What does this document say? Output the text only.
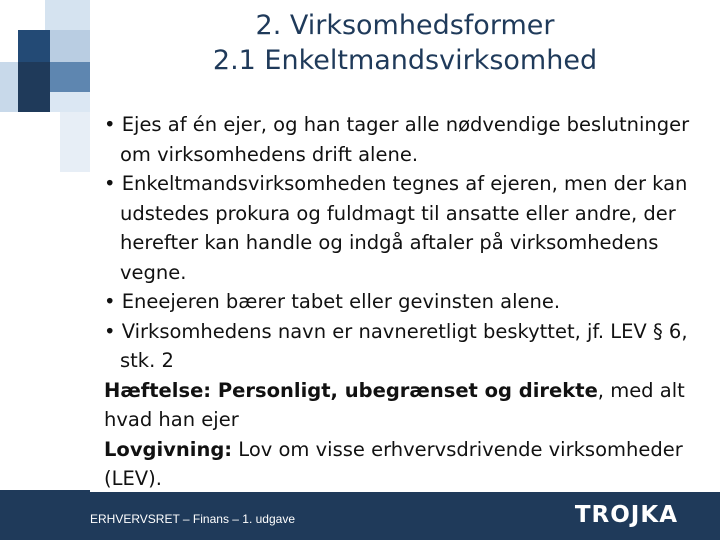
2. Virksomhedsformer
2.1 Enkeltmandsvirksomhed
• Ejes af én ejer, og han tager alle nødvendige beslutninger om virksomhedens drift alene.
• Enkeltmandsvirksomheden tegnes af ejeren, men der kan udstedes prokura og fuldmagt til ansatte eller andre, der herefter kan handle og indgå aftaler på virksomhedens vegne.
• Eneejeren bærer tabet eller gevinsten alene.
• Virksomhedens navn er navneretligt beskyttet, jf. LEV § 6, stk. 2
Hæftelse: Personligt, ubegrænset og direkte, med alt hvad han ejer
Lovgivning: Lov om visse erhvervsdrivende virksomheder (LEV).
ERHVERVSRET – Finans – 1. udgave	TROJKA
